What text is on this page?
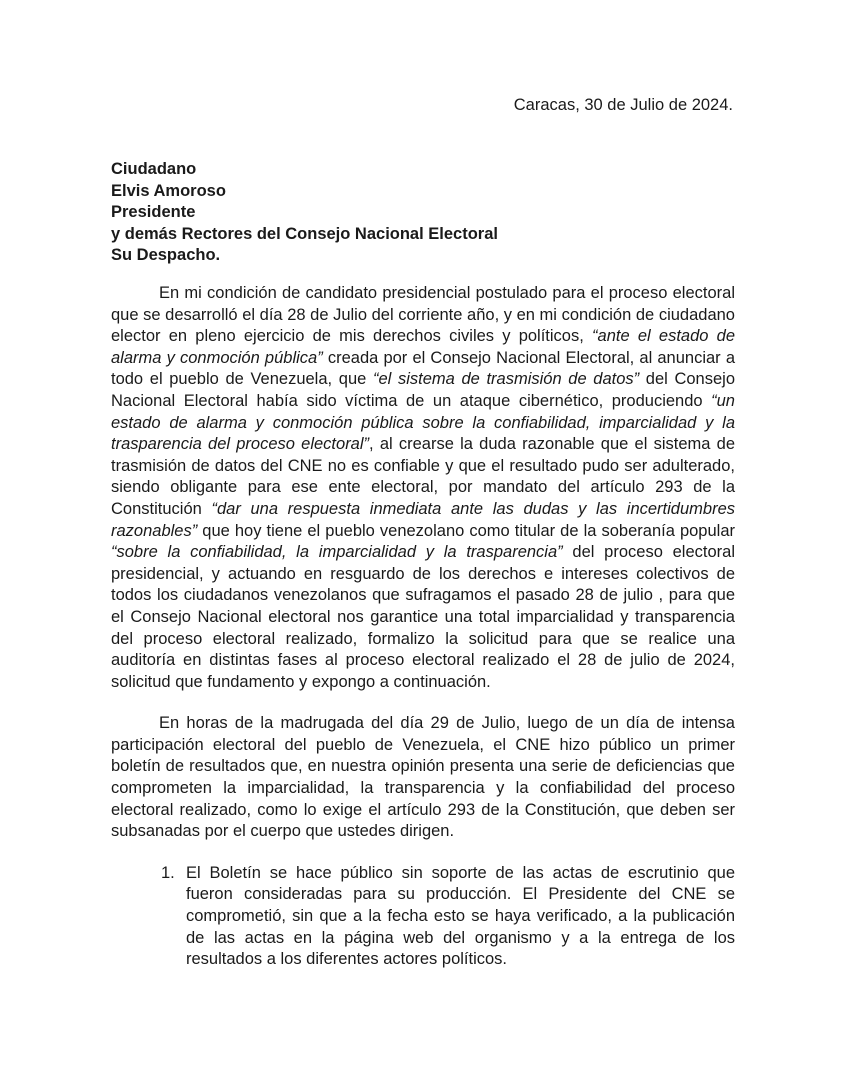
Caracas, 30 de Julio de 2024.
Ciudadano
Elvis Amoroso
Presidente
y demás Rectores del Consejo Nacional Electoral
Su Despacho.

En mi condición de candidato presidencial postulado para el proceso electoral que se desarrolló el día 28 de Julio del corriente año, y en mi condición de ciudadano elector en pleno ejercicio de mis derechos civiles y políticos, “ante el estado de alarma y conmoción pública” creada por el Consejo Nacional Electoral, al anunciar a todo el pueblo de Venezuela, que “el sistema de trasmisión de datos” del Consejo Nacional Electoral había sido víctima de un ataque cibernético, produciendo “un estado de alarma y conmoción pública sobre la confiabilidad, imparcialidad y la trasparencia del proceso electoral”, al crearse la duda razonable que el sistema de trasmisión de datos del CNE no es confiable y que el resultado pudo ser adulterado, siendo obligante para ese ente electoral, por mandato del artículo 293 de la Constitución “dar una respuesta inmediata ante las dudas y las incertidumbres razonables” que hoy tiene el pueblo venezolano como titular de la soberanía popular “sobre la confiabilidad, la imparcialidad y la trasparencia” del proceso electoral presidencial, y actuando en resguardo de los derechos e intereses colectivos de todos los ciudadanos venezolanos que sufragamos el pasado 28 de julio , para que el Consejo Nacional electoral nos garantice una total imparcialidad y transparencia del proceso electoral realizado, formalizo la solicitud para que se realice una auditoría en distintas fases al proceso electoral realizado el 28 de julio de 2024, solicitud que fundamento y expongo a continuación.

En horas de la madrugada del día 29 de Julio, luego de un día de intensa participación electoral del pueblo de Venezuela, el CNE hizo público un primer boletín de resultados que, en nuestra opinión presenta una serie de deficiencias que comprometen la imparcialidad, la transparencia y la confiabilidad del proceso electoral realizado, como lo exige el artículo 293 de la Constitución, que deben ser subsanadas por el cuerpo que ustedes dirigen.

1. El Boletín se hace público sin soporte de las actas de escrutinio que fueron consideradas para su producción. El Presidente del CNE se comprometió, sin que a la fecha esto se haya verificado, a la publicación de las actas en la página web del organismo y a la entrega de los resultados a los diferentes actores políticos.
